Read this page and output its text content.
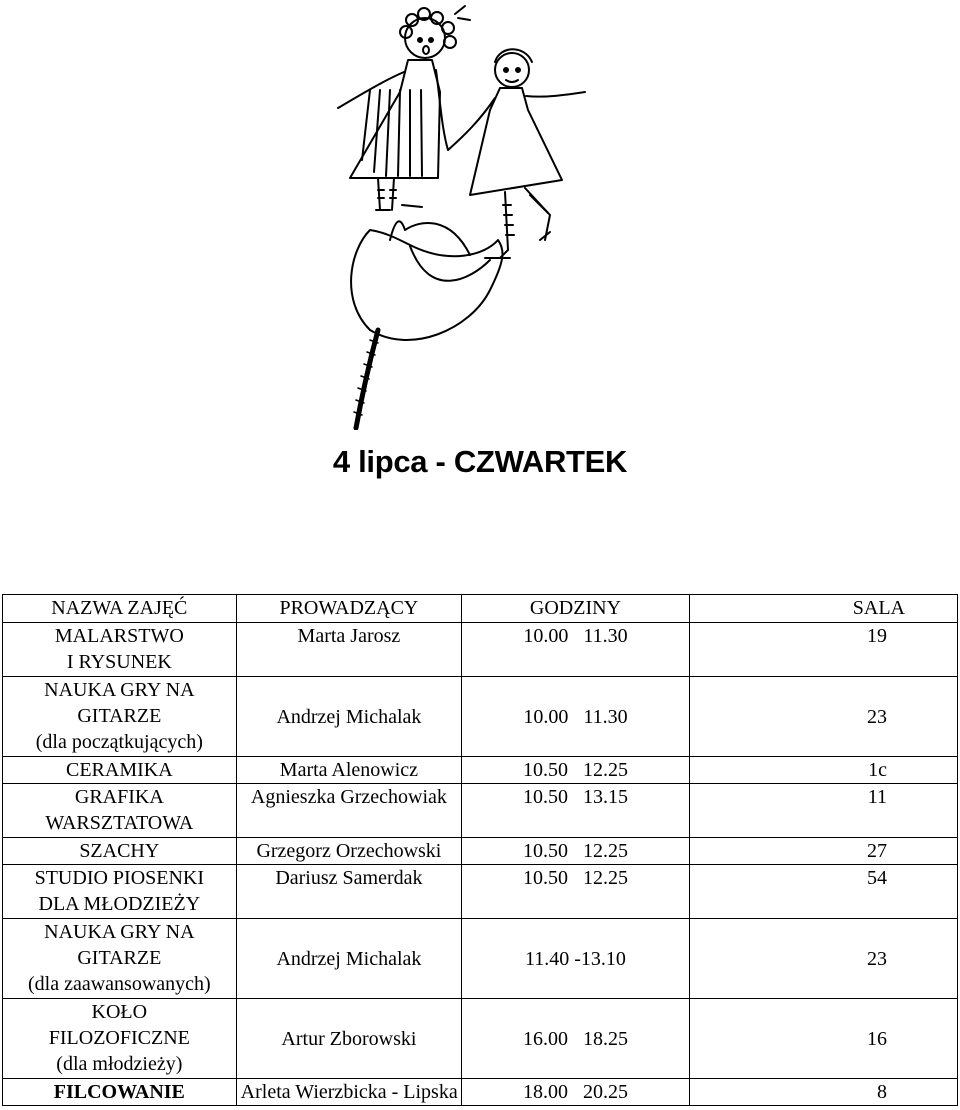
4 lipca - CZWARTEK
NAZWA ZAJĘĆ	PROWADZĄCY	GODZINY	SALA

MALARSTWO
I RYSUNEK	Marta Jarosz	10.00   11.30	19

NAUKA GRY NA
GITARZE
(dla początkujących)	Andrzej Michalak	10.00   11.30	23

CERAMIKA	Marta Alenowicz	10.50   12.25	1c

GRAFIKA
WARSZTATOWA	Agnieszka Grzechowiak	10.50   13.15	11

SZACHY	Grzegorz Orzechowski	10.50   12.25	27

STUDIO PIOSENKI
DLA MŁODZIEŻY	Dariusz Samerdak	10.50   12.25	54

NAUKA GRY NA
GITARZE
(dla zaawansowanych)	Andrzej Michalak	11.40 -13.10	23

KOŁO
FILOZOFICZNE
(dla młodzieży)	Artur Zborowski	16.00   18.25	16

FILCOWANIE	Arleta Wierzbicka - Lipska	18.00   20.25	8
